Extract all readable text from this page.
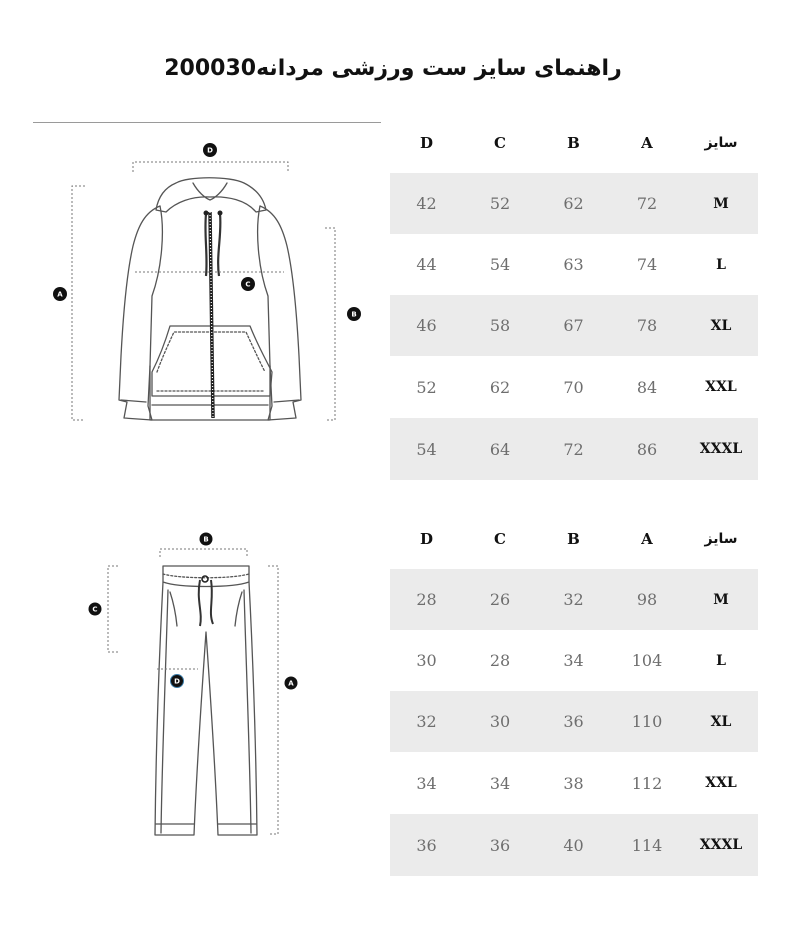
راهنمای سایز ست ورزشی مردانه200030
D
A
B
C
B
C
A
D
D	C	B	A	سایز
42	52	62	72	M
44	54	63	74	L
46	58	67	78	XL
52	62	70	84	XXL
54	64	72	86	XXXL
D	C	B	A	سایز
28	26	32	98	M
30	28	34	104	L
32	30	36	110	XL
34	34	38	112	XXL
36	36	40	114	XXXL
